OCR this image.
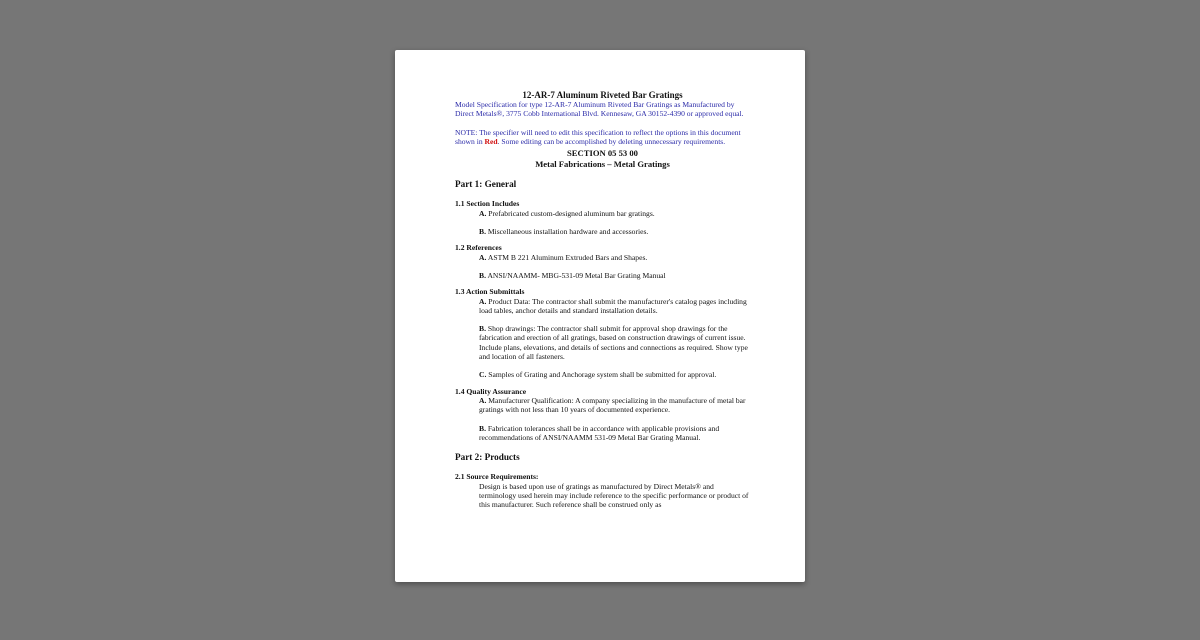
12-AR-7 Aluminum Riveted Bar Gratings
Model Specification for type 12-AR-7 Aluminum Riveted Bar Gratings as Manufactured by Direct Metals®, 3775 Cobb International Blvd. Kennesaw, GA 30152-4390 or approved equal.
NOTE: The specifier will need to edit this specification to reflect the options in this document shown in Red. Some editing can be accomplished by deleting unnecessary requirements.
SECTION 05 53 00
Metal Fabrications – Metal Gratings
Part 1: General
1.1 Section Includes
A. Prefabricated custom-designed aluminum bar gratings.
B. Miscellaneous installation hardware and accessories.
1.2 References
A. ASTM B 221 Aluminum Extruded Bars and Shapes.
B. ANSI/NAAMM- MBG-531-09 Metal Bar Grating Manual
1.3 Action Submittals
A. Product Data: The contractor shall submit the manufacturer's catalog pages including load tables, anchor details and standard installation details.
B. Shop drawings: The contractor shall submit for approval shop drawings for the fabrication and erection of all gratings, based on construction drawings of current issue. Include plans, elevations, and details of sections and connections as required. Show type and location of all fasteners.
C. Samples of Grating and Anchorage system shall be submitted for approval.
1.4 Quality Assurance
A. Manufacturer Qualification: A company specializing in the manufacture of metal bar gratings with not less than 10 years of documented experience.
B. Fabrication tolerances shall be in accordance with applicable provisions and recommendations of ANSI/NAAMM 531-09 Metal Bar Grating Manual.
Part 2: Products
2.1 Source Requirements:
Design is based upon use of gratings as manufactured by Direct Metals® and terminology used herein may include reference to the specific performance or product of this manufacturer. Such reference shall be construed only as
